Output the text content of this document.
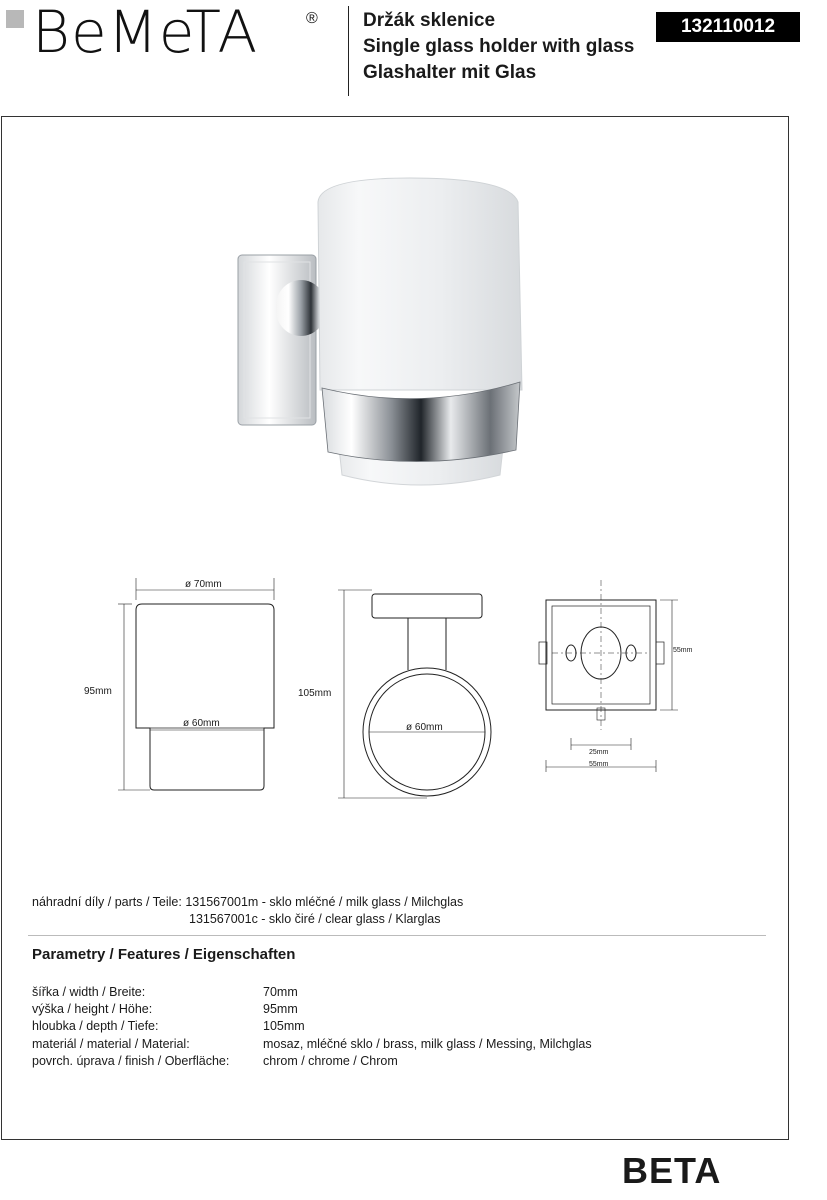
BeMeTA	® Držák sklenice
Single glass holder with glass
Glashalter mit Glas
132110012
ø 70mm
ø 60mm
95mm	105mm
ø 60mm
55mm
25mm
55mm
náhradní díly / parts / Teile: 131567001m - sklo mléčné / milk glass / Milchglas
131567001c - sklo čiré / clear glass / Klarglas
Parametry / Features / Eigenschaften
šířka / width / Breite:	70mm
výška / height / Höhe:	95mm
hloubka / depth / Tiefe:	105mm
materiál / material / Material:	mosaz, mléčné sklo / brass, milk glass / Messing, Milchglas
povrch. úprava / finish / Oberfläche:	chrom / chrome / Chrom
BETA
